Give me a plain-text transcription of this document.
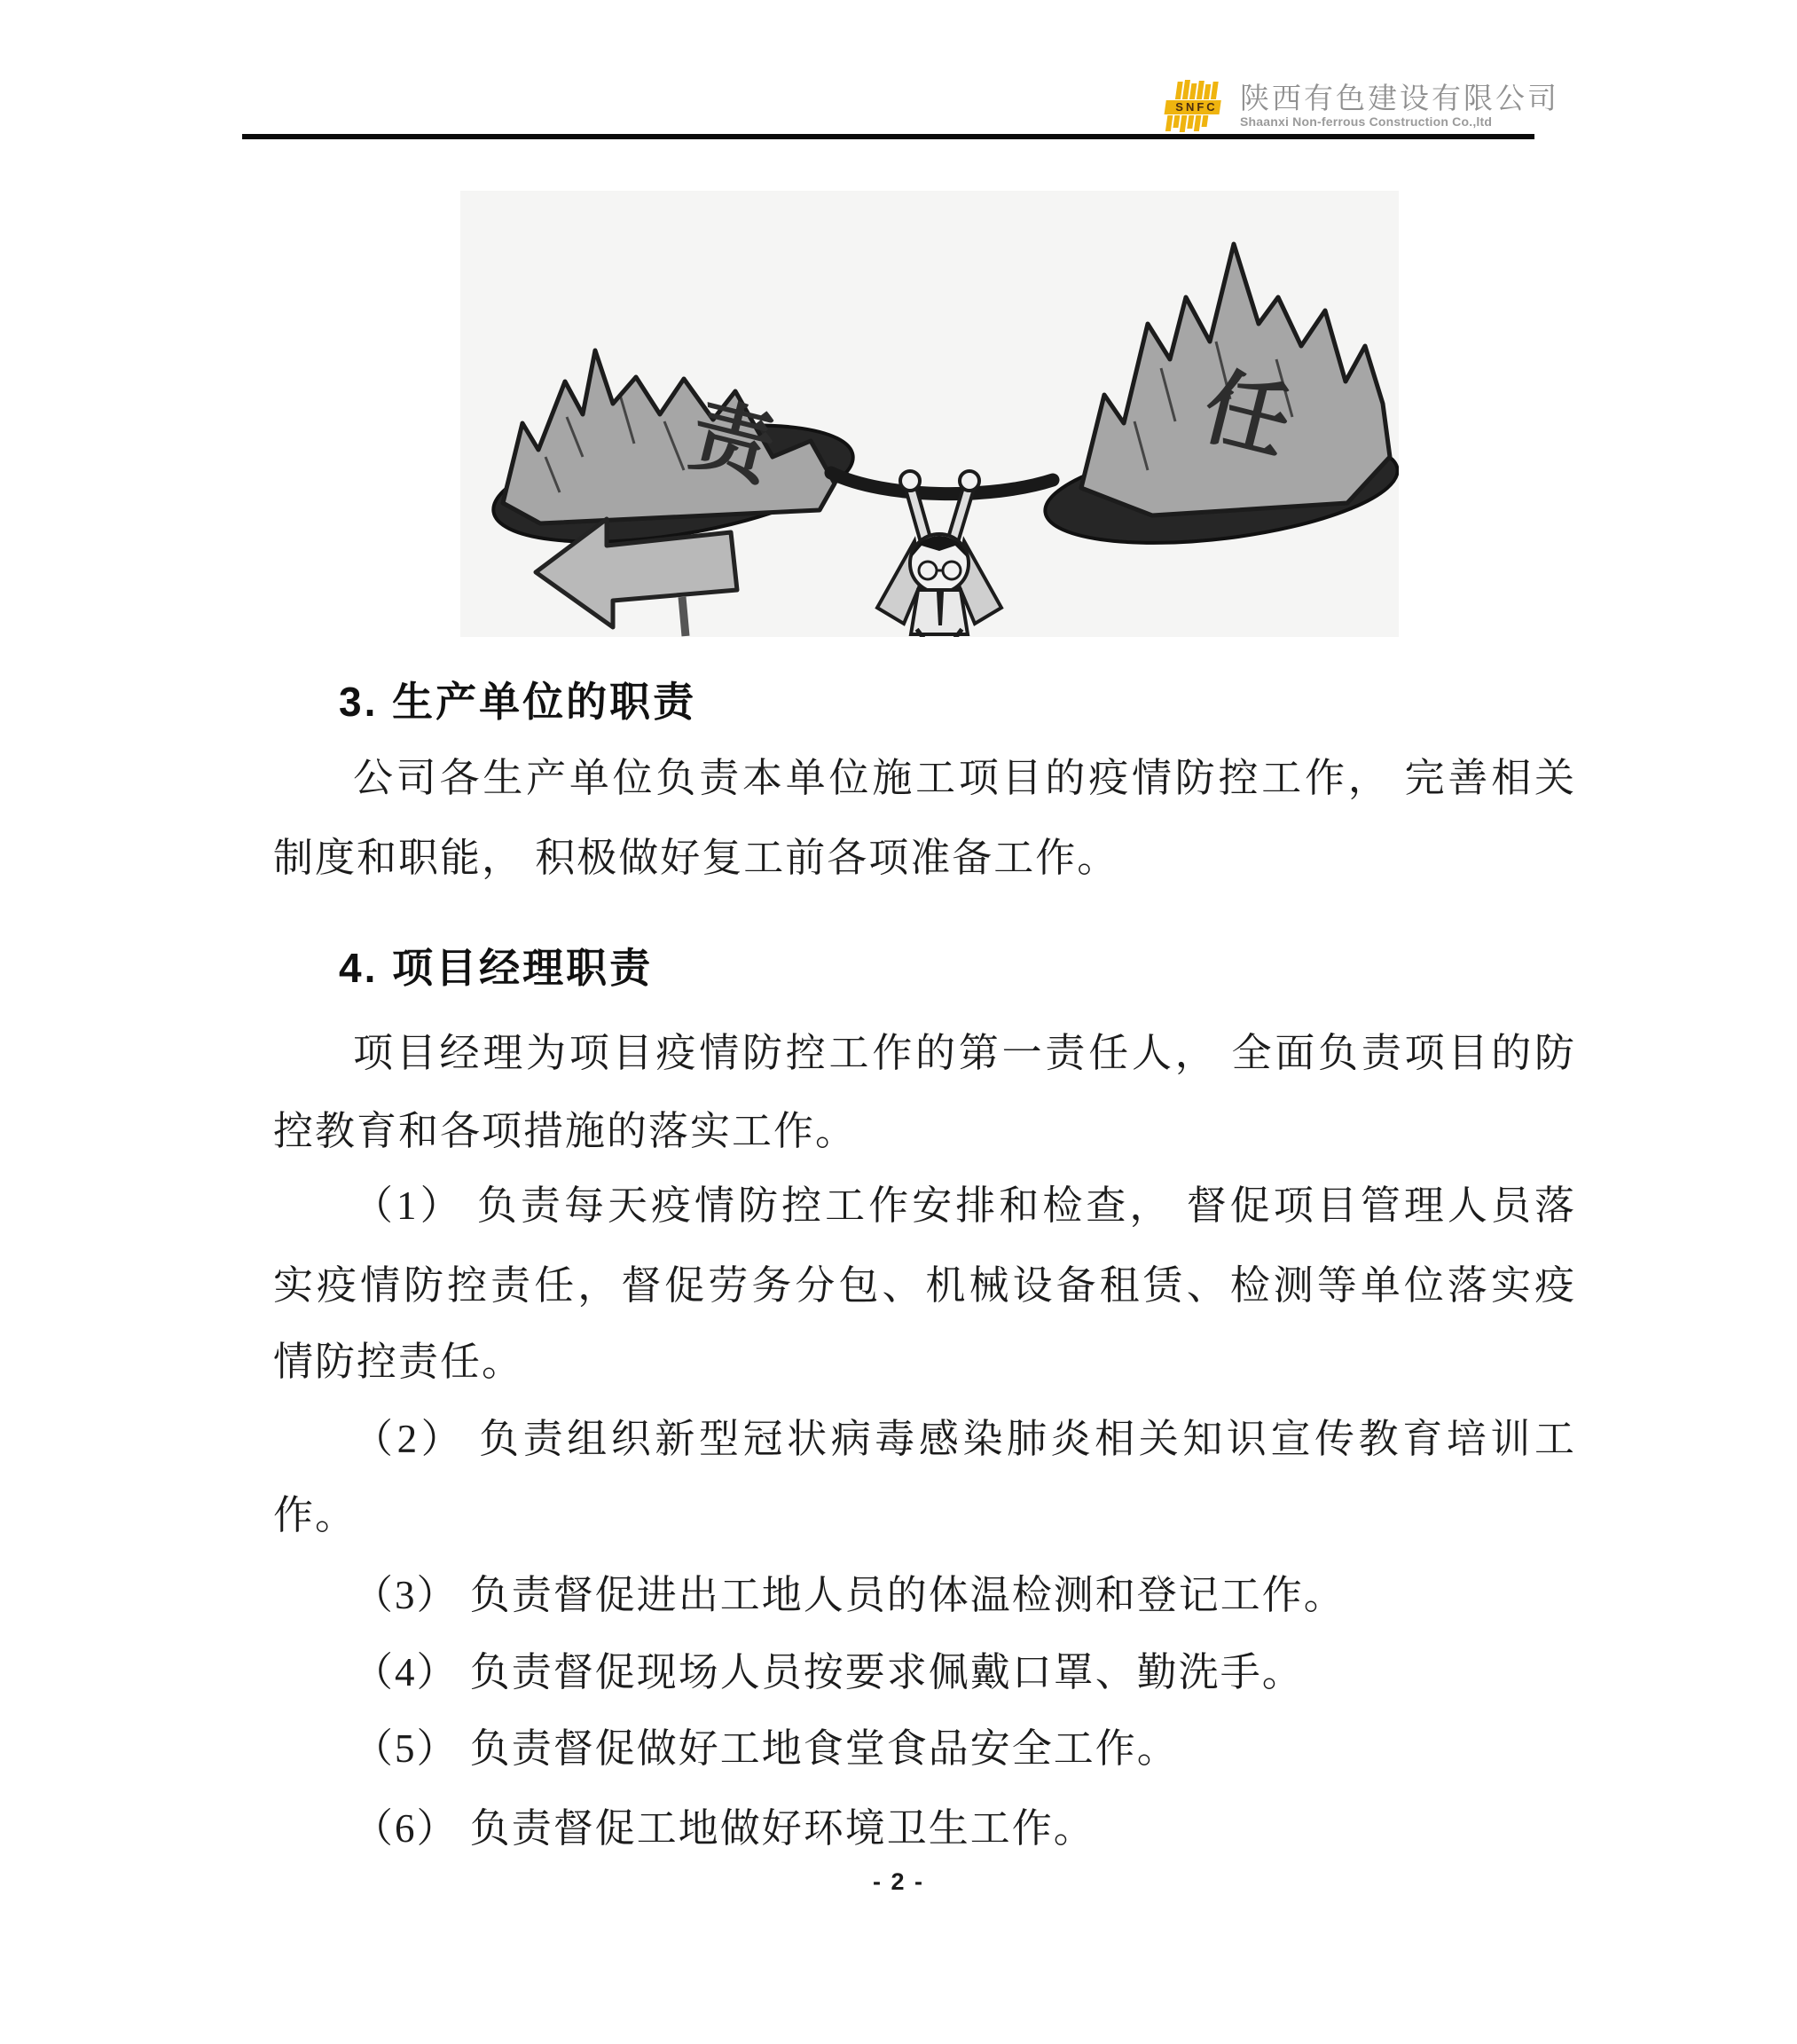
SNFC 陕西有色建设有限公司
Shaanxi Non-ferrous Construction Co.,ltd
责	任
3. 生产单位的职责
公司各生产单位负责本单位施工项目的疫情防控工作， 完善相关
制度和职能， 积极做好复工前各项准备工作。
4. 项目经理职责
项目经理为项目疫情防控工作的第一责任人， 全面负责项目的防
控教育和各项措施的落实工作。
（1） 负责每天疫情防控工作安排和检查， 督促项目管理人员落
实疫情防控责任，督促劳务分包、机械设备租赁、检测等单位落实疫
情防控责任。
（2） 负责组织新型冠状病毒感染肺炎相关知识宣传教育培训工
作。
（3） 负责督促进出工地人员的体温检测和登记工作。
（4） 负责督促现场人员按要求佩戴口罩、勤洗手。
（5） 负责督促做好工地食堂食品安全工作。
（6） 负责督促工地做好环境卫生工作。
- 2 -
